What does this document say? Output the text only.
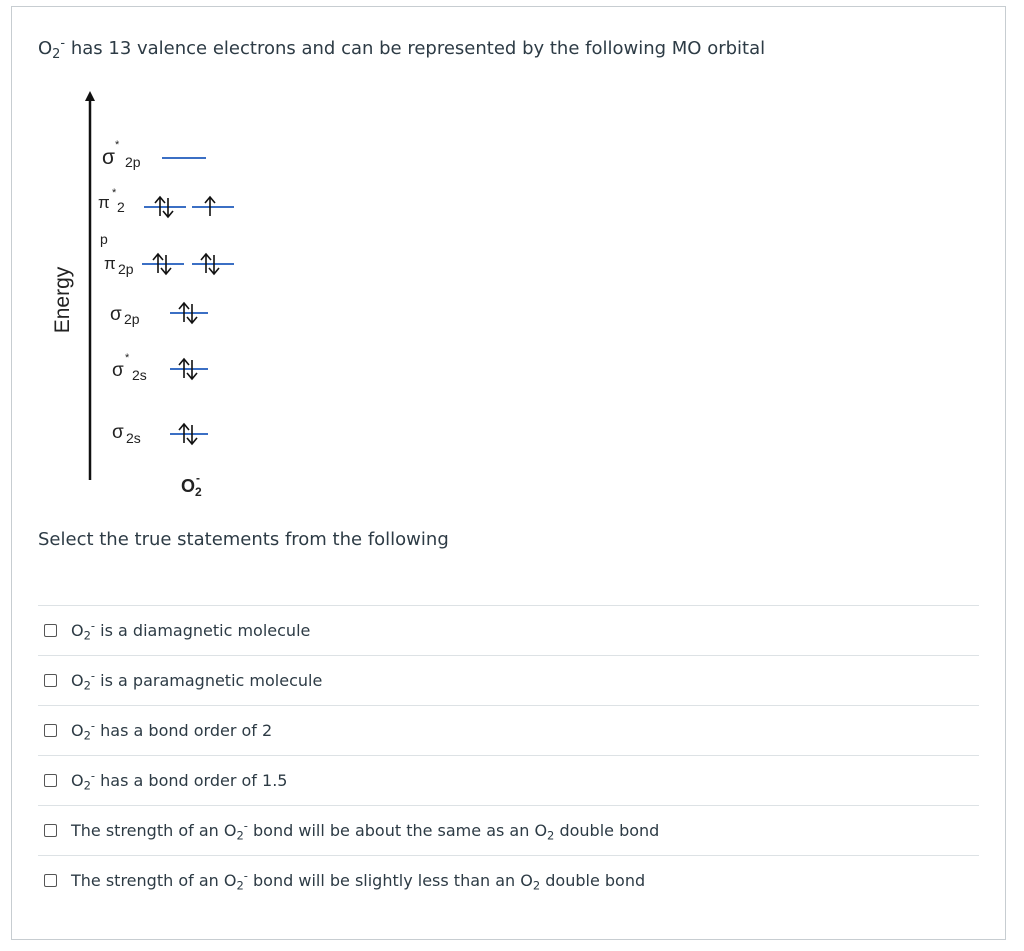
$O_2^-$ has 13 valence electrons and can be represented by the following MO orbital
Energy
σ
*
2p
π *
2
p
π 2p
σ 2p
σ
*
2s
σ 2s
O 2
-
Select the true statements from the following
$O_2^-$ is a diamagnetic molecule
$O_2^-$ is a paramagnetic molecule
$O_2^-$ has a bond order of 2
$O_2^-$ has a bond order of 1.5
The strength of an $O_2^-$ bond will be about the same as an $O_2$ double bond
The strength of an $O_2^-$ bond will be slightly less than an $O_2$ double bond
